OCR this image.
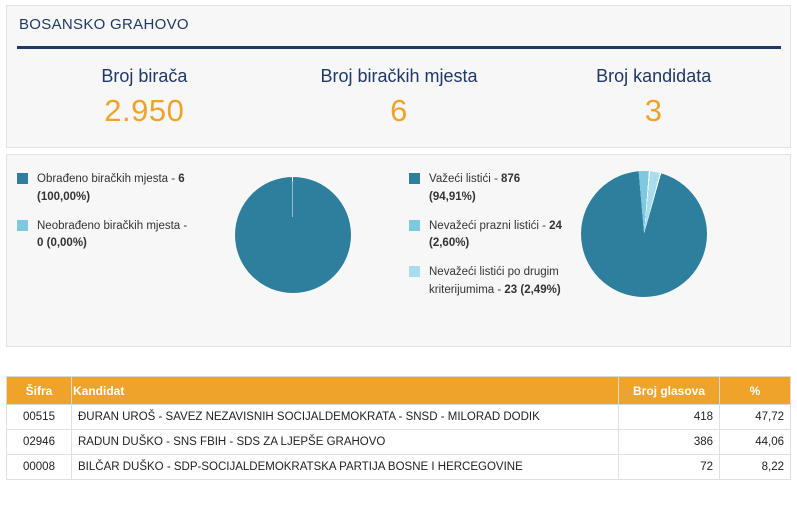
BOSANSKO GRAHOVO
Broj birača
2.950
Broj biračkih mjesta
6
Broj kandidata
3
Obrađeno biračkih mjesta - 6
(100,00%)
Neobrađeno biračkih mjesta -
0 (0,00%)
Važeći listići - 876
(94,91%)
Nevažeći prazni listići - 24
(2,60%)
Nevažeći listići po drugim kriterijumima - 23 (2,49%)
Šifra	Kandidat	Broj glasova	%
00515	ĐURAN UROŠ - SAVEZ NEZAVISNIH SOCIJALDEMOKRATA - SNSD - MILORAD DODIK	418	47,72
02946	RADUN DUŠKO - SNS FBIH - SDS ZA LJEPŠE GRAHOVO	386	44,06
00008	BILČAR DUŠKO - SDP-SOCIJALDEMOKRATSKA PARTIJA BOSNE I HERCEGOVINE	72	8,22
